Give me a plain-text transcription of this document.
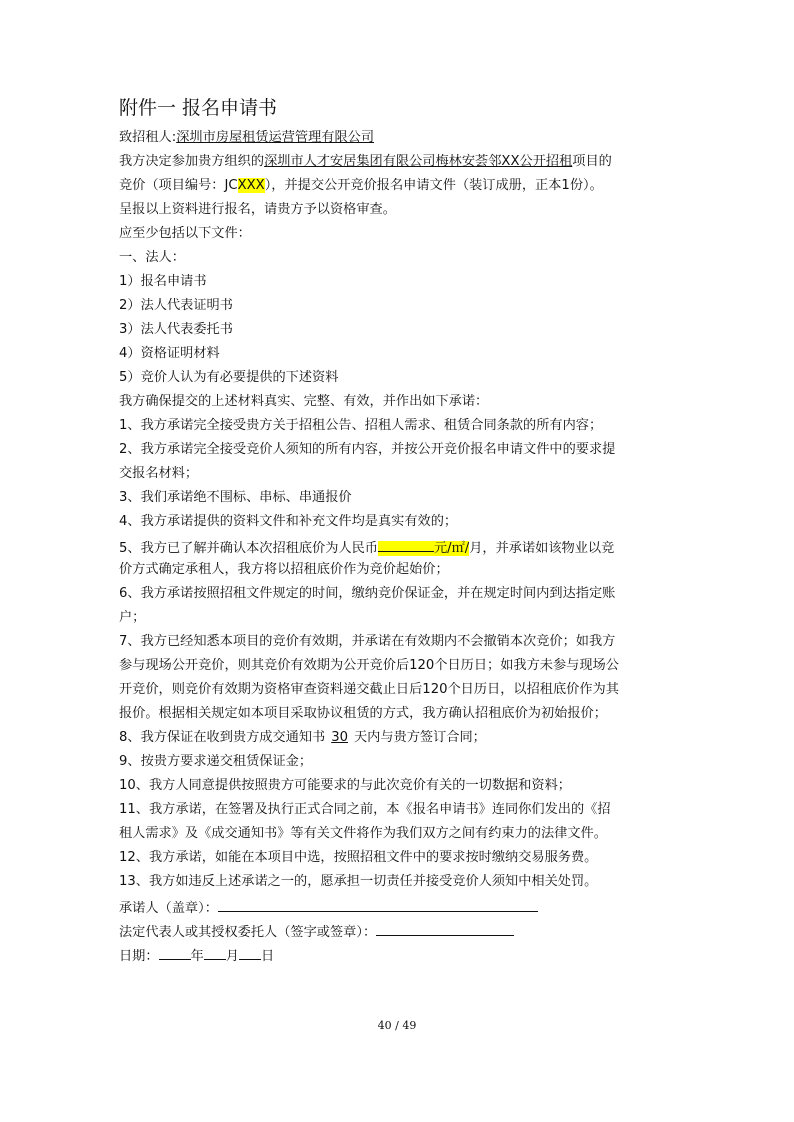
附件一 报名申请书
致招租人:深圳市房屋租赁运营管理有限公司
我方决定参加贵方组织的深圳市人才安居集团有限公司梅林安荟邻XX公开招租项目的
竞价（项目编号：JCXXX），并提交公开竞价报名申请文件（装订成册，正本1份）。
呈报以上资料进行报名，请贵方予以资格审查。
应至少包括以下文件：
一、法人：
1）报名申请书
2）法人代表证明书
3）法人代表委托书
4）资格证明材料
5）竞价人认为有必要提供的下述资料
我方确保提交的上述材料真实、完整、有效，并作出如下承诺：
1、我方承诺完全接受贵方关于招租公告、招租人需求、租赁合同条款的所有内容；
2、我方承诺完全接受竞价人须知的所有内容，并按公开竞价报名申请文件中的要求提
交报名材料；
3、我们承诺绝不围标、串标、串通报价
4、我方承诺提供的资料文件和补充文件均是真实有效的；
5、我方已了解并确认本次招租底价为人民币	元/㎡/月，并承诺如该物业以竞
价方式确定承租人，我方将以招租底价作为竞价起始价；
6、我方承诺按照招租文件规定的时间，缴纳竞价保证金，并在规定时间内到达指定账
户；
7、我方已经知悉本项目的竞价有效期，并承诺在有效期内不会撤销本次竞价；如我方
参与现场公开竞价，则其竞价有效期为公开竞价后120个日历日；如我方未参与现场公
开竞价，则竞价有效期为资格审查资料递交截止日后120个日历日，以招租底价作为其
报价。根据相关规定如本项目采取协议租赁的方式，我方确认招租底价为初始报价；
8、我方保证在收到贵方成交通知书 30 天内与贵方签订合同；
9、按贵方要求递交租赁保证金；
10、我方人同意提供按照贵方可能要求的与此次竞价有关的一切数据和资料；
11、我方承诺，在签署及执行正式合同之前，本《报名申请书》连同你们发出的《招
租人需求》及《成交通知书》等有关文件将作为我们双方之间有约束力的法律文件。
12、我方承诺，如能在本项目中选，按照招租文件中的要求按时缴纳交易服务费。
13、我方如违反上述承诺之一的，愿承担一切责任并接受竞价人须知中相关处罚。
承诺人（盖章）：
法定代表人或其授权委托人（签字或签章）：
日期： 年 月 日
40 / 49
